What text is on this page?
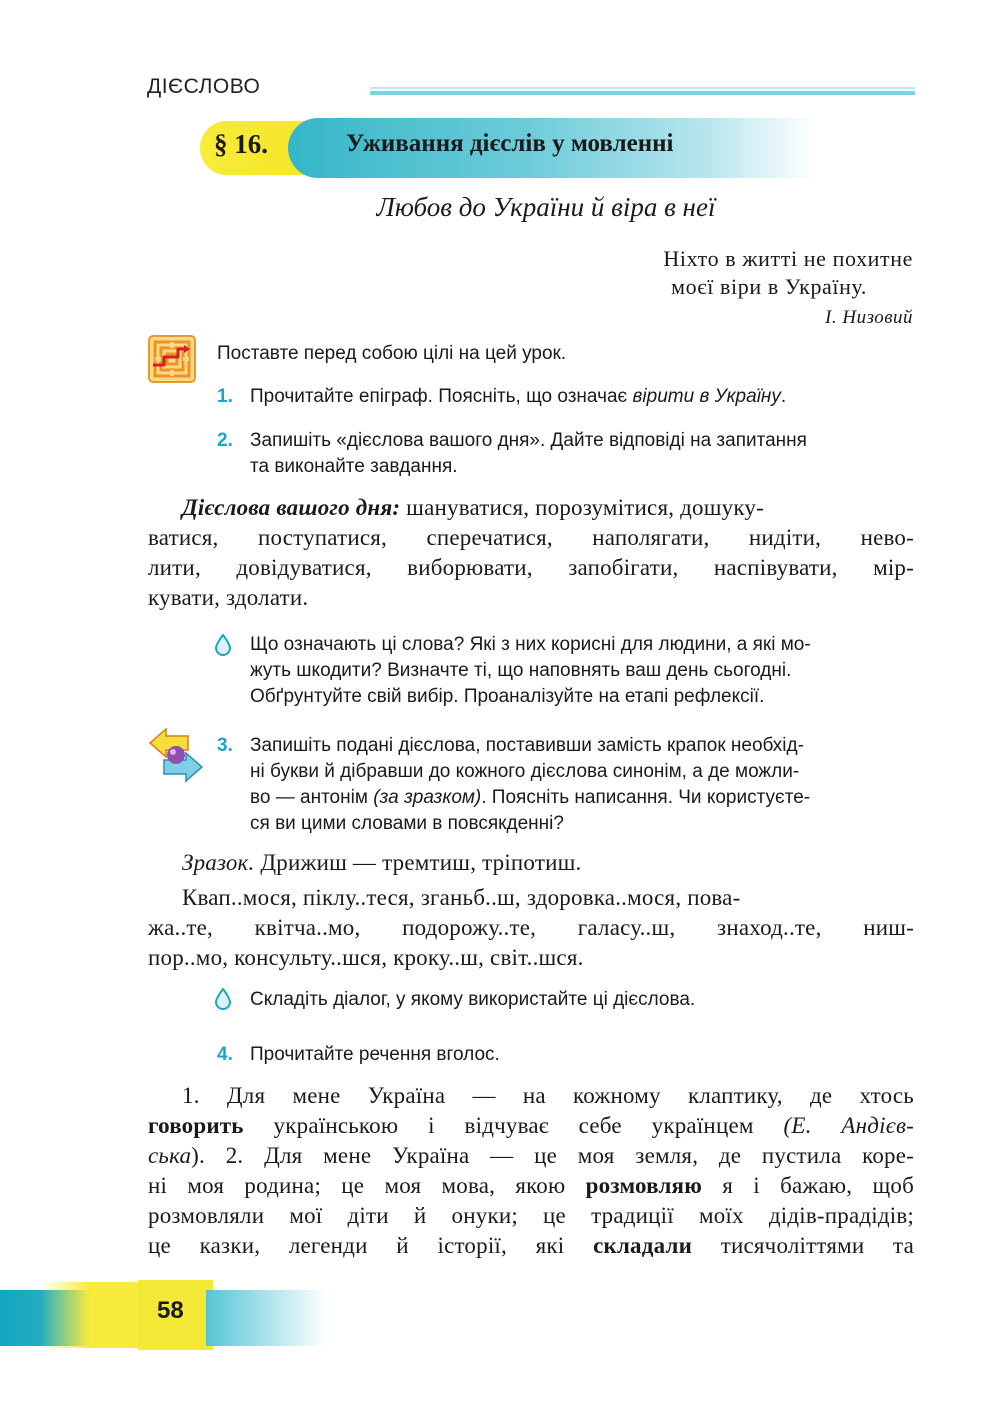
ДІЄСЛОВО
§ 16.	Уживання дієслів у мовленні
Любов до України й віра в неї
Ніхто в житті не похитне
моєї віри в Україну.
І. Низовий
Поставте перед собою цілі на цей урок.
1. Прочитайте епіграф. Поясніть, що означає вірити в Україну.
2. Запишіть «дієслова вашого дня». Дайте відповіді на запитання
та виконайте завдання.
Дієслова вашого дня: шануватися, порозумітися, дошуку-
ватися, поступатися, сперечатися, наполягати, нидіти, нево-
лити, довідуватися, виборювати, запобігати, наспівувати, мір-
кувати, здолати.
Що означають ці слова? Які з них корисні для людини, а які мо-
жуть шкодити? Визначте ті, що наповнять ваш день сьогодні.
Обґрунтуйте свій вибір. Проаналізуйте на етапі рефлексії.
3. Запишіть подані дієслова, поставивши замість крапок необхід-
ні букви й дібравши до кожного дієслова синонім, а де можли-
во — антонім (за зразком). Поясніть написання. Чи користуєте-
ся ви цими словами в повсякденні?
Зразок. Дрижиш — тремтиш, тріпотиш.
Квап..мося, піклу..теся, зганьб..ш, здоровка..мося, пова-
жа..те, квітча..мо, подорожу..те, галасу..ш, знаход..те, ниш-
пор..мо, консульту..шся, кроку..ш, світ..шся.
Складіть діалог, у якому використайте ці дієслова.
4. Прочитайте речення вголос.
1. Для мене Україна — на кожному клаптику, де хтось
говорить українською і відчуває себе українцем (Е. Андієв-
ська). 2. Для мене Україна — це моя земля, де пустила коре-
ні моя родина; це моя мова, якою розмовляю я і бажаю, щоб
розмовляли мої діти й онуки; це традиції моїх дідів-прадідів;
це казки, легенди й історії, які складали тисячоліттями та
58
